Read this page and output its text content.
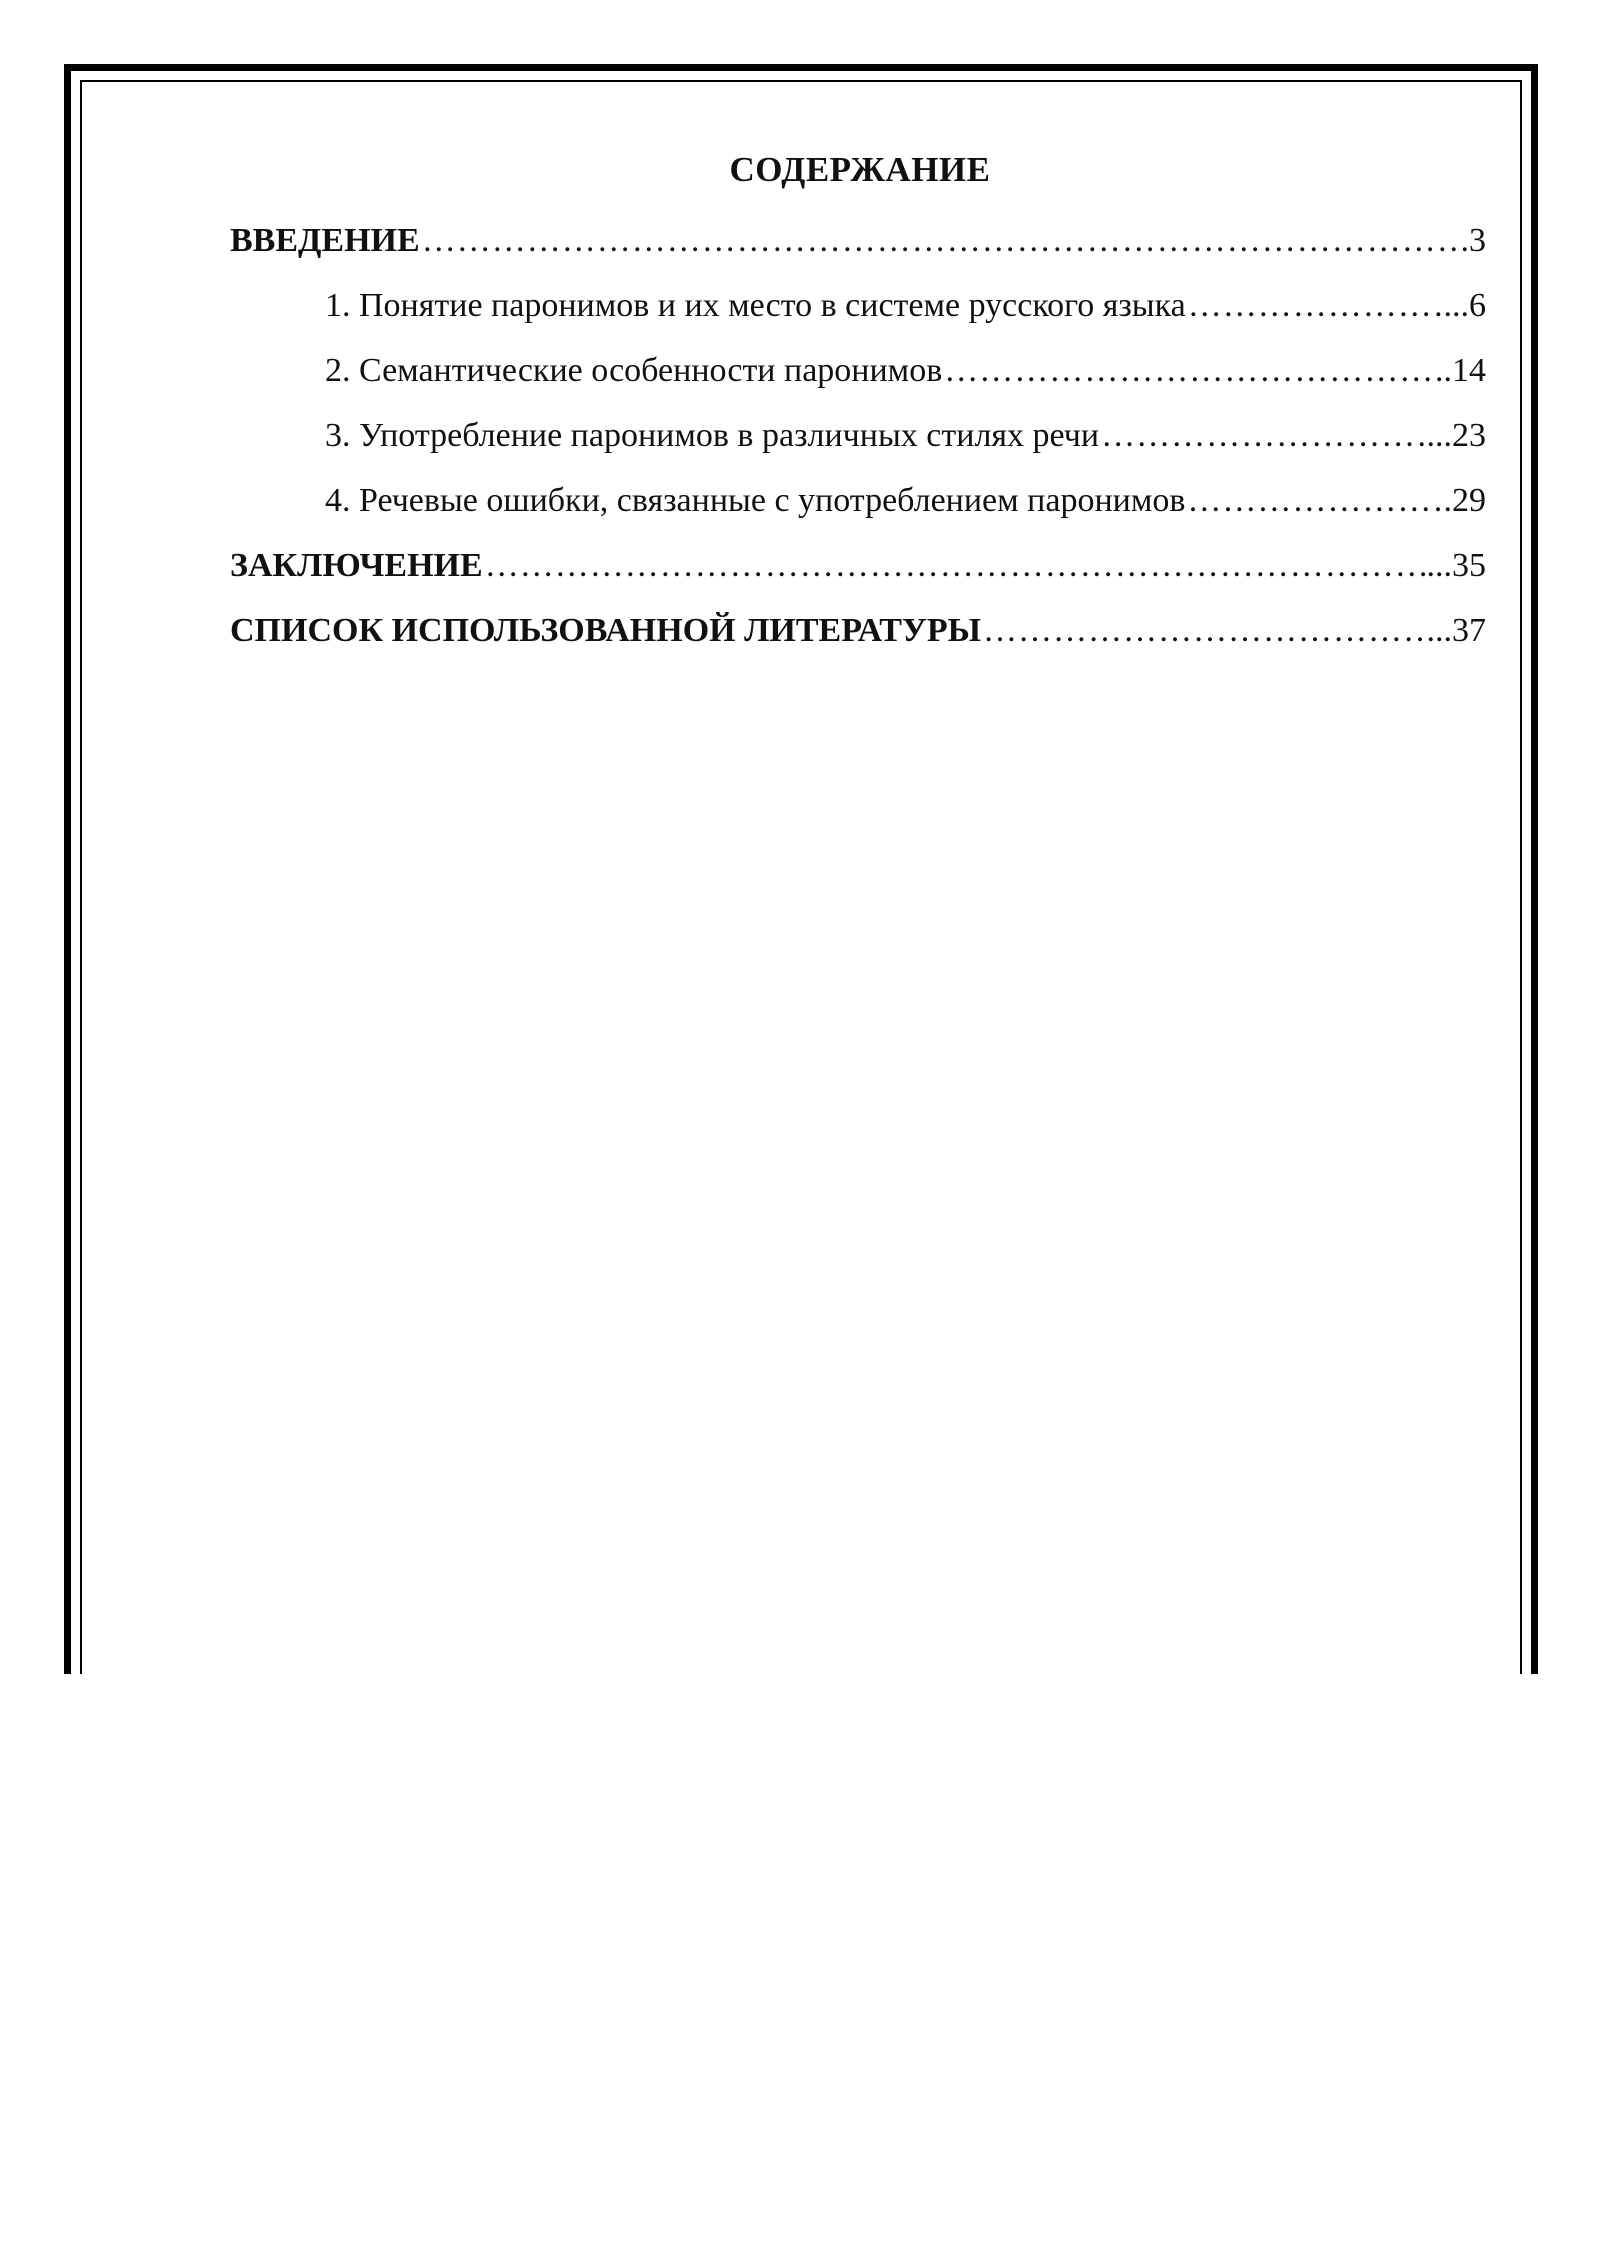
СОДЕРЖАНИЕ
ВВЕДЕНИЕ ………………………………………………………………………………………………………………………………………………	.3
1. Понятие паронимов и их место в системе русского языка ………………………………………………………………………………………………………………………………………………	...6
2. Семантические особенности паронимов ………………………………………………………………………………………………………………………………………………	..14
3. Употребление паронимов в различных стилях речи ………………………………………………………………………………………………………………………………………………	...23
4. Речевые ошибки, связанные с употреблением паронимов ………………………………………………………………………………………………………………………………………………	.29
ЗАКЛЮЧЕНИЕ ………………………………………………………………………………………………………………………………………………	...35
СПИСОК ИСПОЛЬЗОВАННОЙ ЛИТЕРАТУРЫ ………………………………………………………………………………………………………………………………………………	...37
